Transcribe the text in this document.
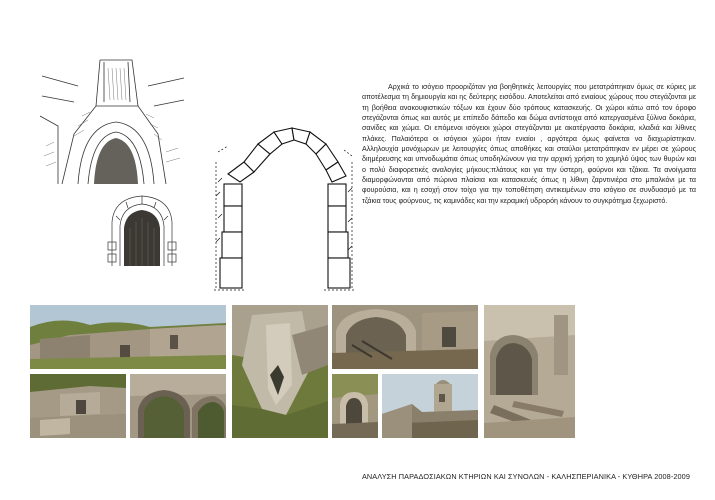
Αρχικά το ισόγειο προοριζόταν για βοηθητικές λειτουργίες που μετατράπηκαν όμως σε κύριες με αποτέλεσμα τη δημιουργία και ης δεύτερης εισόδου. Αποτελείται από ενιαίους χώρους που στεγάζονται με τη βοήθεια ανακουφιστικών τόξων και έχουν δύο τρόπους κατασκευής. Οι χώροι κάτω από τον όροφο στεγάζονται όπως και αυτός με επίπεδο δάπεδο και δώμα αντίστοιχα από κατεργασμένα ξύλινα δοκάρια, σανίδες και χώμα. Οι επόμενοι ισόγειοι χώροι στεγάζονται με ακατέργαστα δοκάρια, κλαδιά και λίθινες πλάκες. Παλαιότερα οι ισόγειοι χώροι ήταν ενιαίοι , αργότερα όμως φαίνεται να διαχωρίστηκαν. Αλληλουχία μονόχωρων με λειτουργίες όπως αποθήκες και σταύλοι μετατράπηκαν εν μέρει σε χώρους διημέρευσης και υπνοδωμάτια όπως υποδηλώνουν για την αρχική χρήση το χαμηλό ύψος των θυρών και ο πολύ διαφορετικές αναλογίες μήκους:πλάτους και για την ύστερη, φούρνοι και τζάκια. Τα ανοίγματα διαμορφώνονται από πώρινα πλαίσια και κατασκευές όπως η λίθινη ζαρντινιέρα στο μπαλκόνι με τα φουρούσια, και η εσοχή στον τοίχο για την τοποθέτηση αντικειμένων στο ισόγειο σε συνδυασμό με τα τζάκια τους φούρνους, τις καμινάδες και την κεραμική υδρορόη κάνουν το συγκρότημα ξεχωριστό.

ΑΝΑΛΥΣΗ ΠΑΡΑΔΟΣΙΑΚΩΝ ΚΤΗΡΙΩΝ ΚΑΙ ΣΥΝΟΛΩΝ - ΚΑΛΗΣΠΕΡΙΑΝΙΚΑ - ΚΥΘΗΡΑ 2008-2009
